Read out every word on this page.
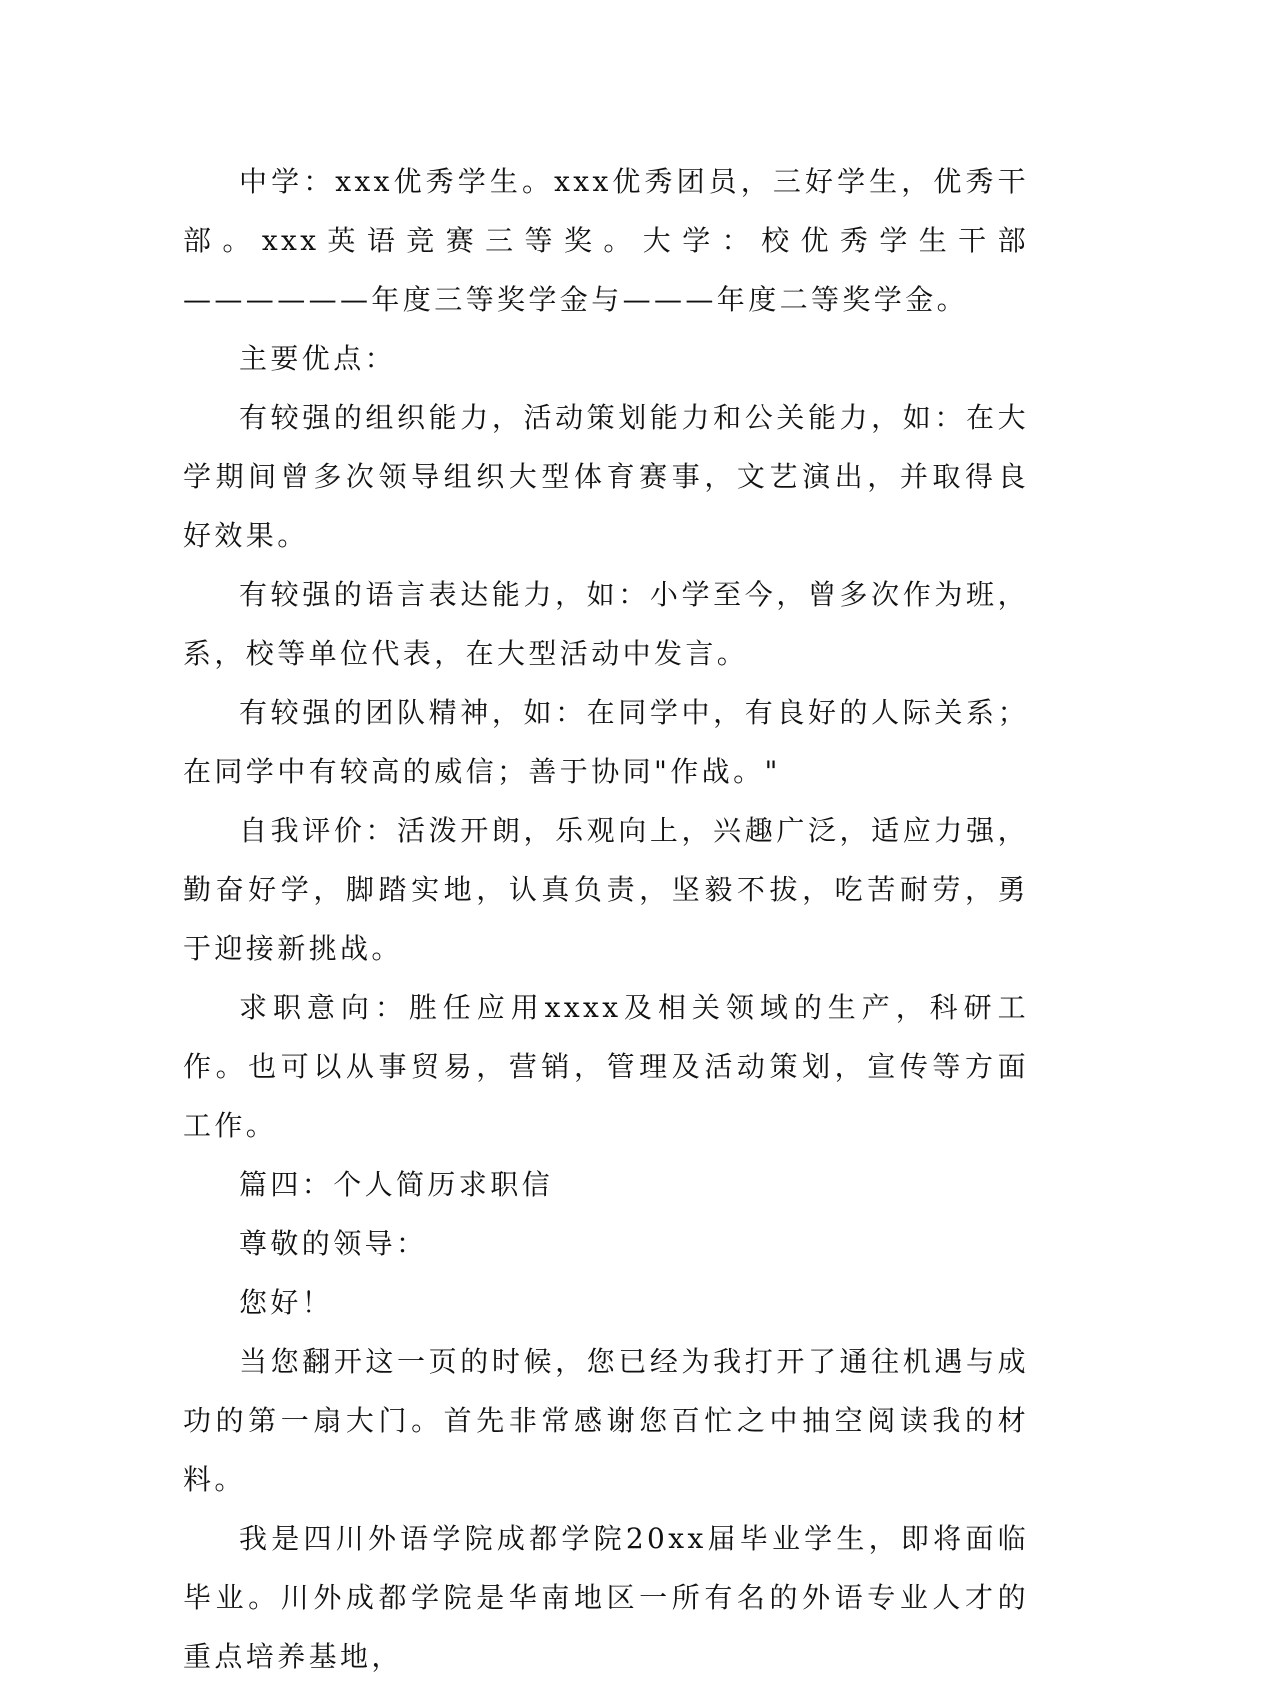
中学：xxx优秀学生。xxx优秀团员，三好学生，优秀干部。xxx英语竞赛三等奖。大学：校优秀学生干部——————年度三等奖学金与———年度二等奖学金。

主要优点：

有较强的组织能力，活动策划能力和公关能力，如：在大学期间曾多次领导组织大型体育赛事，文艺演出，并取得良好效果。

有较强的语言表达能力，如：小学至今，曾多次作为班，系，校等单位代表，在大型活动中发言。

有较强的团队精神，如：在同学中，有良好的人际关系；在同学中有较高的威信；善于协同"作战。"

自我评价：活泼开朗，乐观向上，兴趣广泛，适应力强，勤奋好学，脚踏实地，认真负责，坚毅不拔，吃苦耐劳，勇于迎接新挑战。

求职意向：胜任应用xxxx及相关领域的生产，科研工作。也可以从事贸易，营销，管理及活动策划，宣传等方面工作。

篇四：个人简历求职信

尊敬的领导：

您好！

当您翻开这一页的时候，您已经为我打开了通往机遇与成功的第一扇大门。首先非常感谢您百忙之中抽空阅读我的材料。

我是四川外语学院成都学院20xx届毕业学生，即将面临毕业。川外成都学院是华南地区一所有名的外语专业人才的重点培养基地，
